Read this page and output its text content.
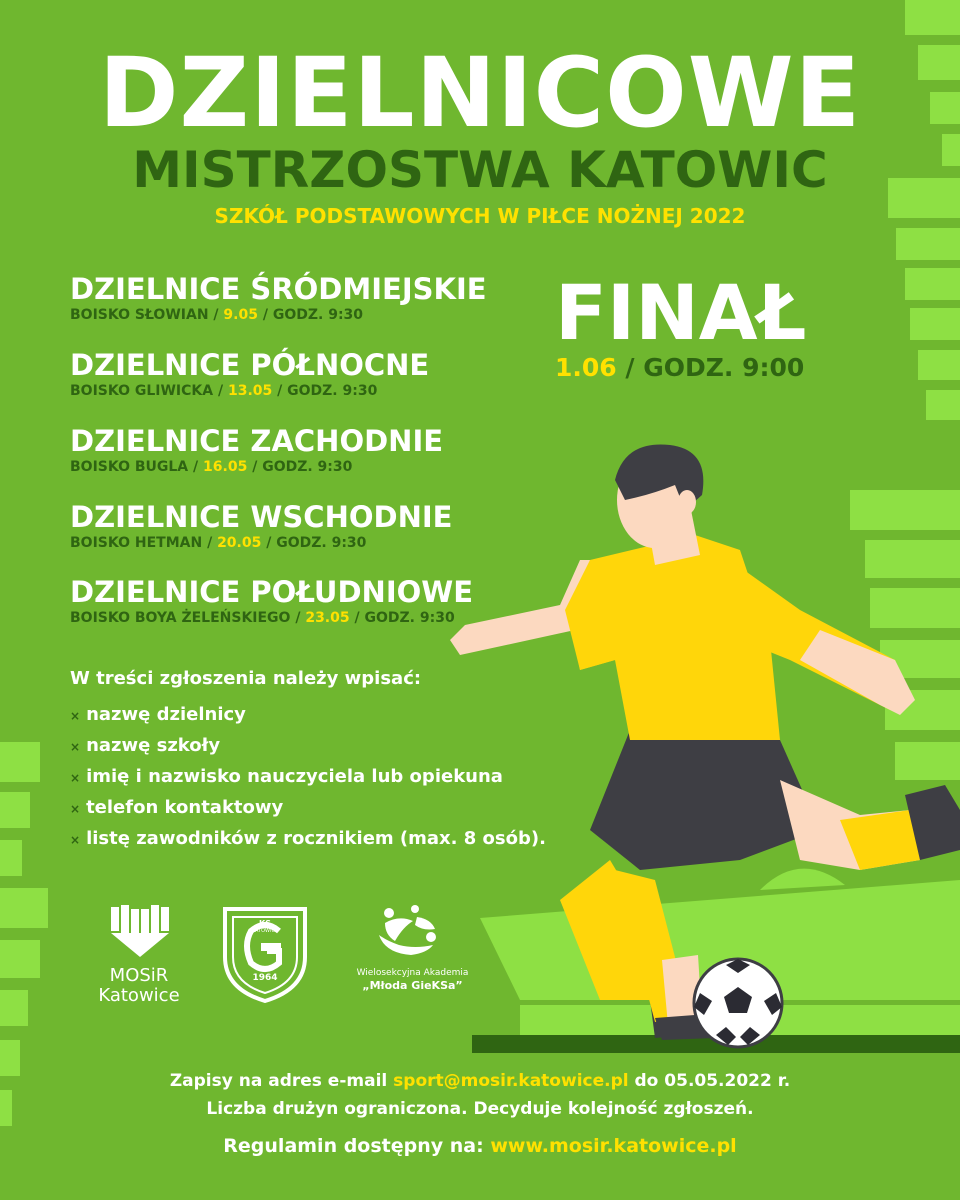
DZIELNICOWE
MISTRZOSTWA KATOWIC
SZKÓŁ PODSTAWOWYCH W PIŁCE NOŻNEJ 2022
DZIELNICE ŚRÓDMIEJSKIE
BOISKO SŁOWIAN / 9.05 / GODZ. 9:30
DZIELNICE PÓŁNOCNE
BOISKO GLIWICKA / 13.05 / GODZ. 9:30
DZIELNICE ZACHODNIE
BOISKO BUGLA / 16.05 / GODZ. 9:30
DZIELNICE WSCHODNIE
BOISKO HETMAN / 20.05 / GODZ. 9:30
DZIELNICE POŁUDNIOWE
BOISKO BOYA ŻELEŃSKIEGO / 23.05 / GODZ. 9:30
FINAŁ
1.06 / GODZ. 9:00
W treści zgłoszenia należy wpisać:
× nazwę dzielnicy
× nazwę szkoły
× imię i nazwisko nauczyciela lub opiekuna
× telefon kontaktowy
× listę zawodników z rocznikiem (max. 8 osób).
MOSiR
Katowice
KS
KATOWICE
1964	Wielosekcyjna Akademia
„Młoda GieKSa”
Zapisy na adres e-mail sport@mosir.katowice.pl do 05.05.2022 r.
Liczba drużyn ograniczona. Decyduje kolejność zgłoszeń.
Regulamin dostępny na: www.mosir.katowice.pl
